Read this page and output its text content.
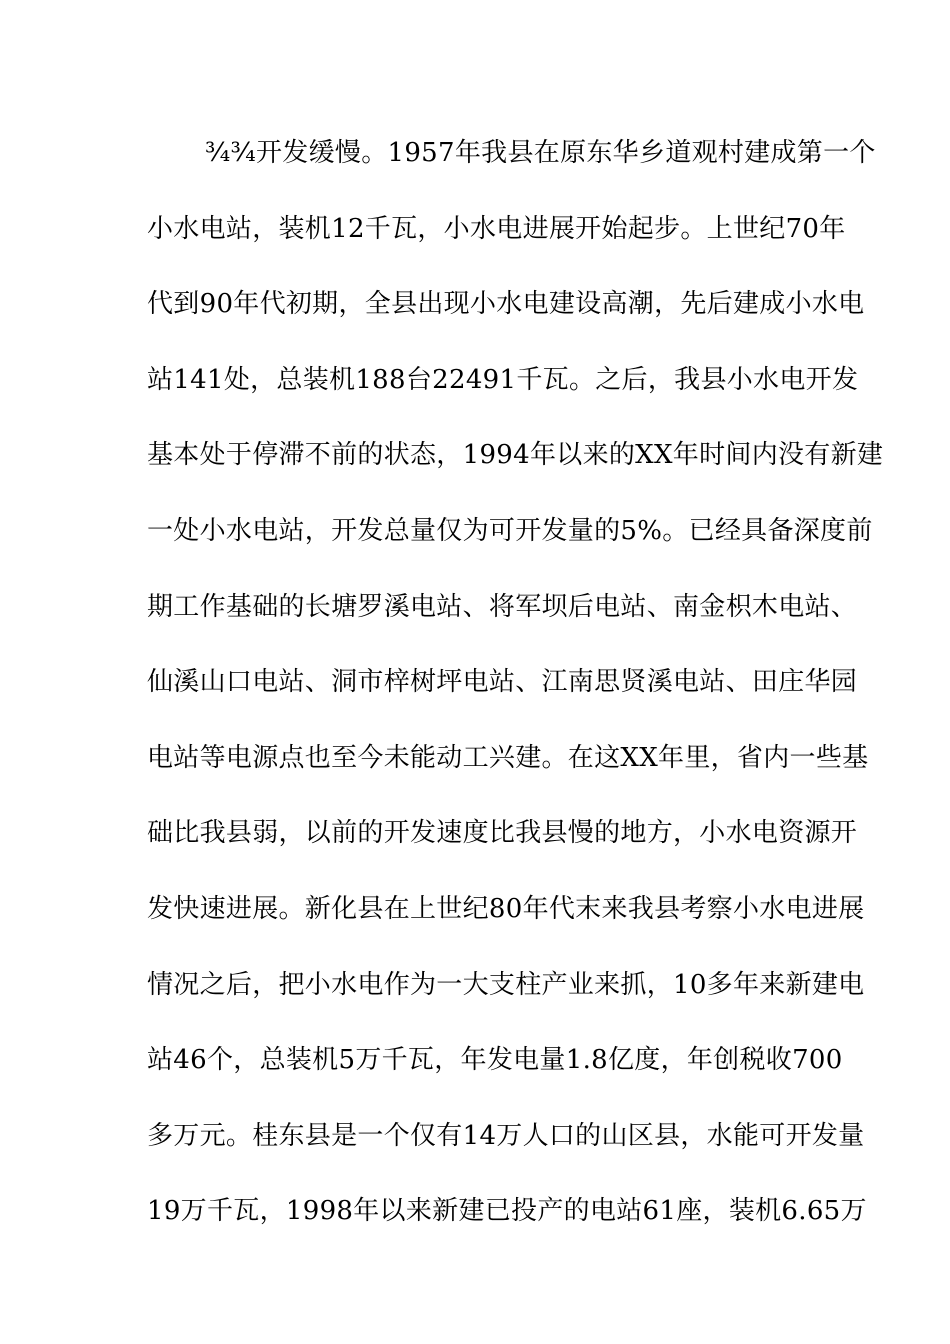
¾¾开发缓慢。1957年我县在原东华乡道观村建成第一个
小水电站，装机12千瓦，小水电进展开始起步。上世纪70年
代到90年代初期，全县出现小水电建设高潮，先后建成小水电
站141处，总装机188台22491千瓦。之后，我县小水电开发
基本处于停滞不前的状态，1994年以来的XX年时间内没有新建
一处小水电站，开发总量仅为可开发量的5%。已经具备深度前
期工作基础的长塘罗溪电站、将军坝后电站、南金枳木电站、
仙溪山口电站、洞市梓树坪电站、江南思贤溪电站、田庄华园
电站等电源点也至今未能动工兴建。在这XX年里，省内一些基
础比我县弱，以前的开发速度比我县慢的地方，小水电资源开
发快速进展。新化县在上世纪80年代末来我县考察小水电进展
情况之后，把小水电作为一大支柱产业来抓，10多年来新建电
站46个，总装机5万千瓦，年发电量1.8亿度，年创税收700
多万元。桂东县是一个仅有14万人口的山区县，水能可开发量
19万千瓦，1998年以来新建已投产的电站61座，装机6.65万
